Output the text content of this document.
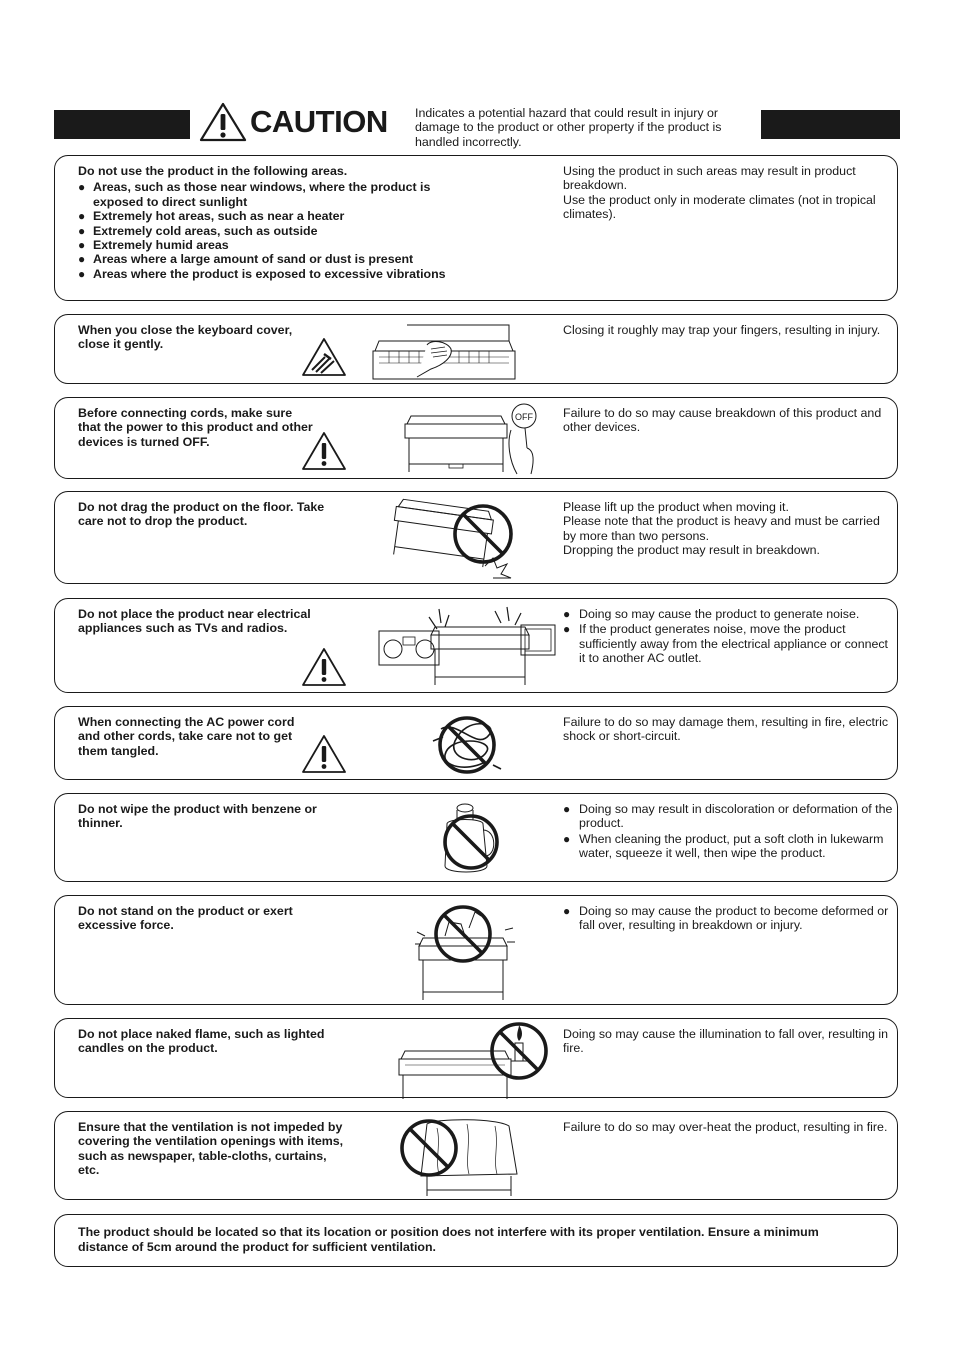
CAUTION Indicates a potential hazard that could result in injury or damage to the product or other property if the product is handled incorrectly.
Do not use the product in the following areas.
● Areas, such as those near windows, where the product is exposed to direct sunlight
● Extremely hot areas, such as near a heater
● Extremely cold areas, such as outside
● Extremely humid areas
● Areas where a large amount of sand or dust is present
● Areas where the product is exposed to excessive vibrations
Using the product in such areas may result in product breakdown.
Use the product only in moderate climates (not in tropical climates).
When you close the keyboard cover, close it gently.
Closing it roughly may trap your fingers, resulting in injury.
Before connecting cords, make sure that the power to this product and other devices is turned OFF.
OFF Failure to do so may cause breakdown of this product and other devices.
Do not drag the product on the floor. Take care not to drop the product.
Please lift up the product when moving it.
Please note that the product is heavy and must be carried by more than two persons.
Dropping the product may result in breakdown.
Do not place the product near electrical appliances such as TVs and radios.
● Doing so may cause the product to generate noise.
● If the product generates noise, move the product sufficiently away from the electrical appliance or connect it to another AC outlet.
When connecting the AC power cord and other cords, take care not to get them tangled.
Failure to do so may damage them, resulting in fire, electric shock or short-circuit.
Do not wipe the product with benzene or thinner.
● Doing so may result in discoloration or deformation of the product.
● When cleaning the product, put a soft cloth in lukewarm water, squeeze it well, then wipe the product.
Do not stand on the product or exert excessive force.
● Doing so may cause the product to become deformed or fall over, resulting in breakdown or injury.
Do not place naked flame, such as lighted candles on the product.
Doing so may cause the illumination to fall over, resulting in fire.
Ensure that the ventilation is not impeded by covering the ventilation openings with items, such as newspaper, table-cloths, curtains, etc.
Failure to do so may over-heat the product, resulting in fire.
The product should be located so that its location or position does not interfere with its proper ventilation. Ensure a minimum distance of 5cm around the product for sufficient ventilation.
